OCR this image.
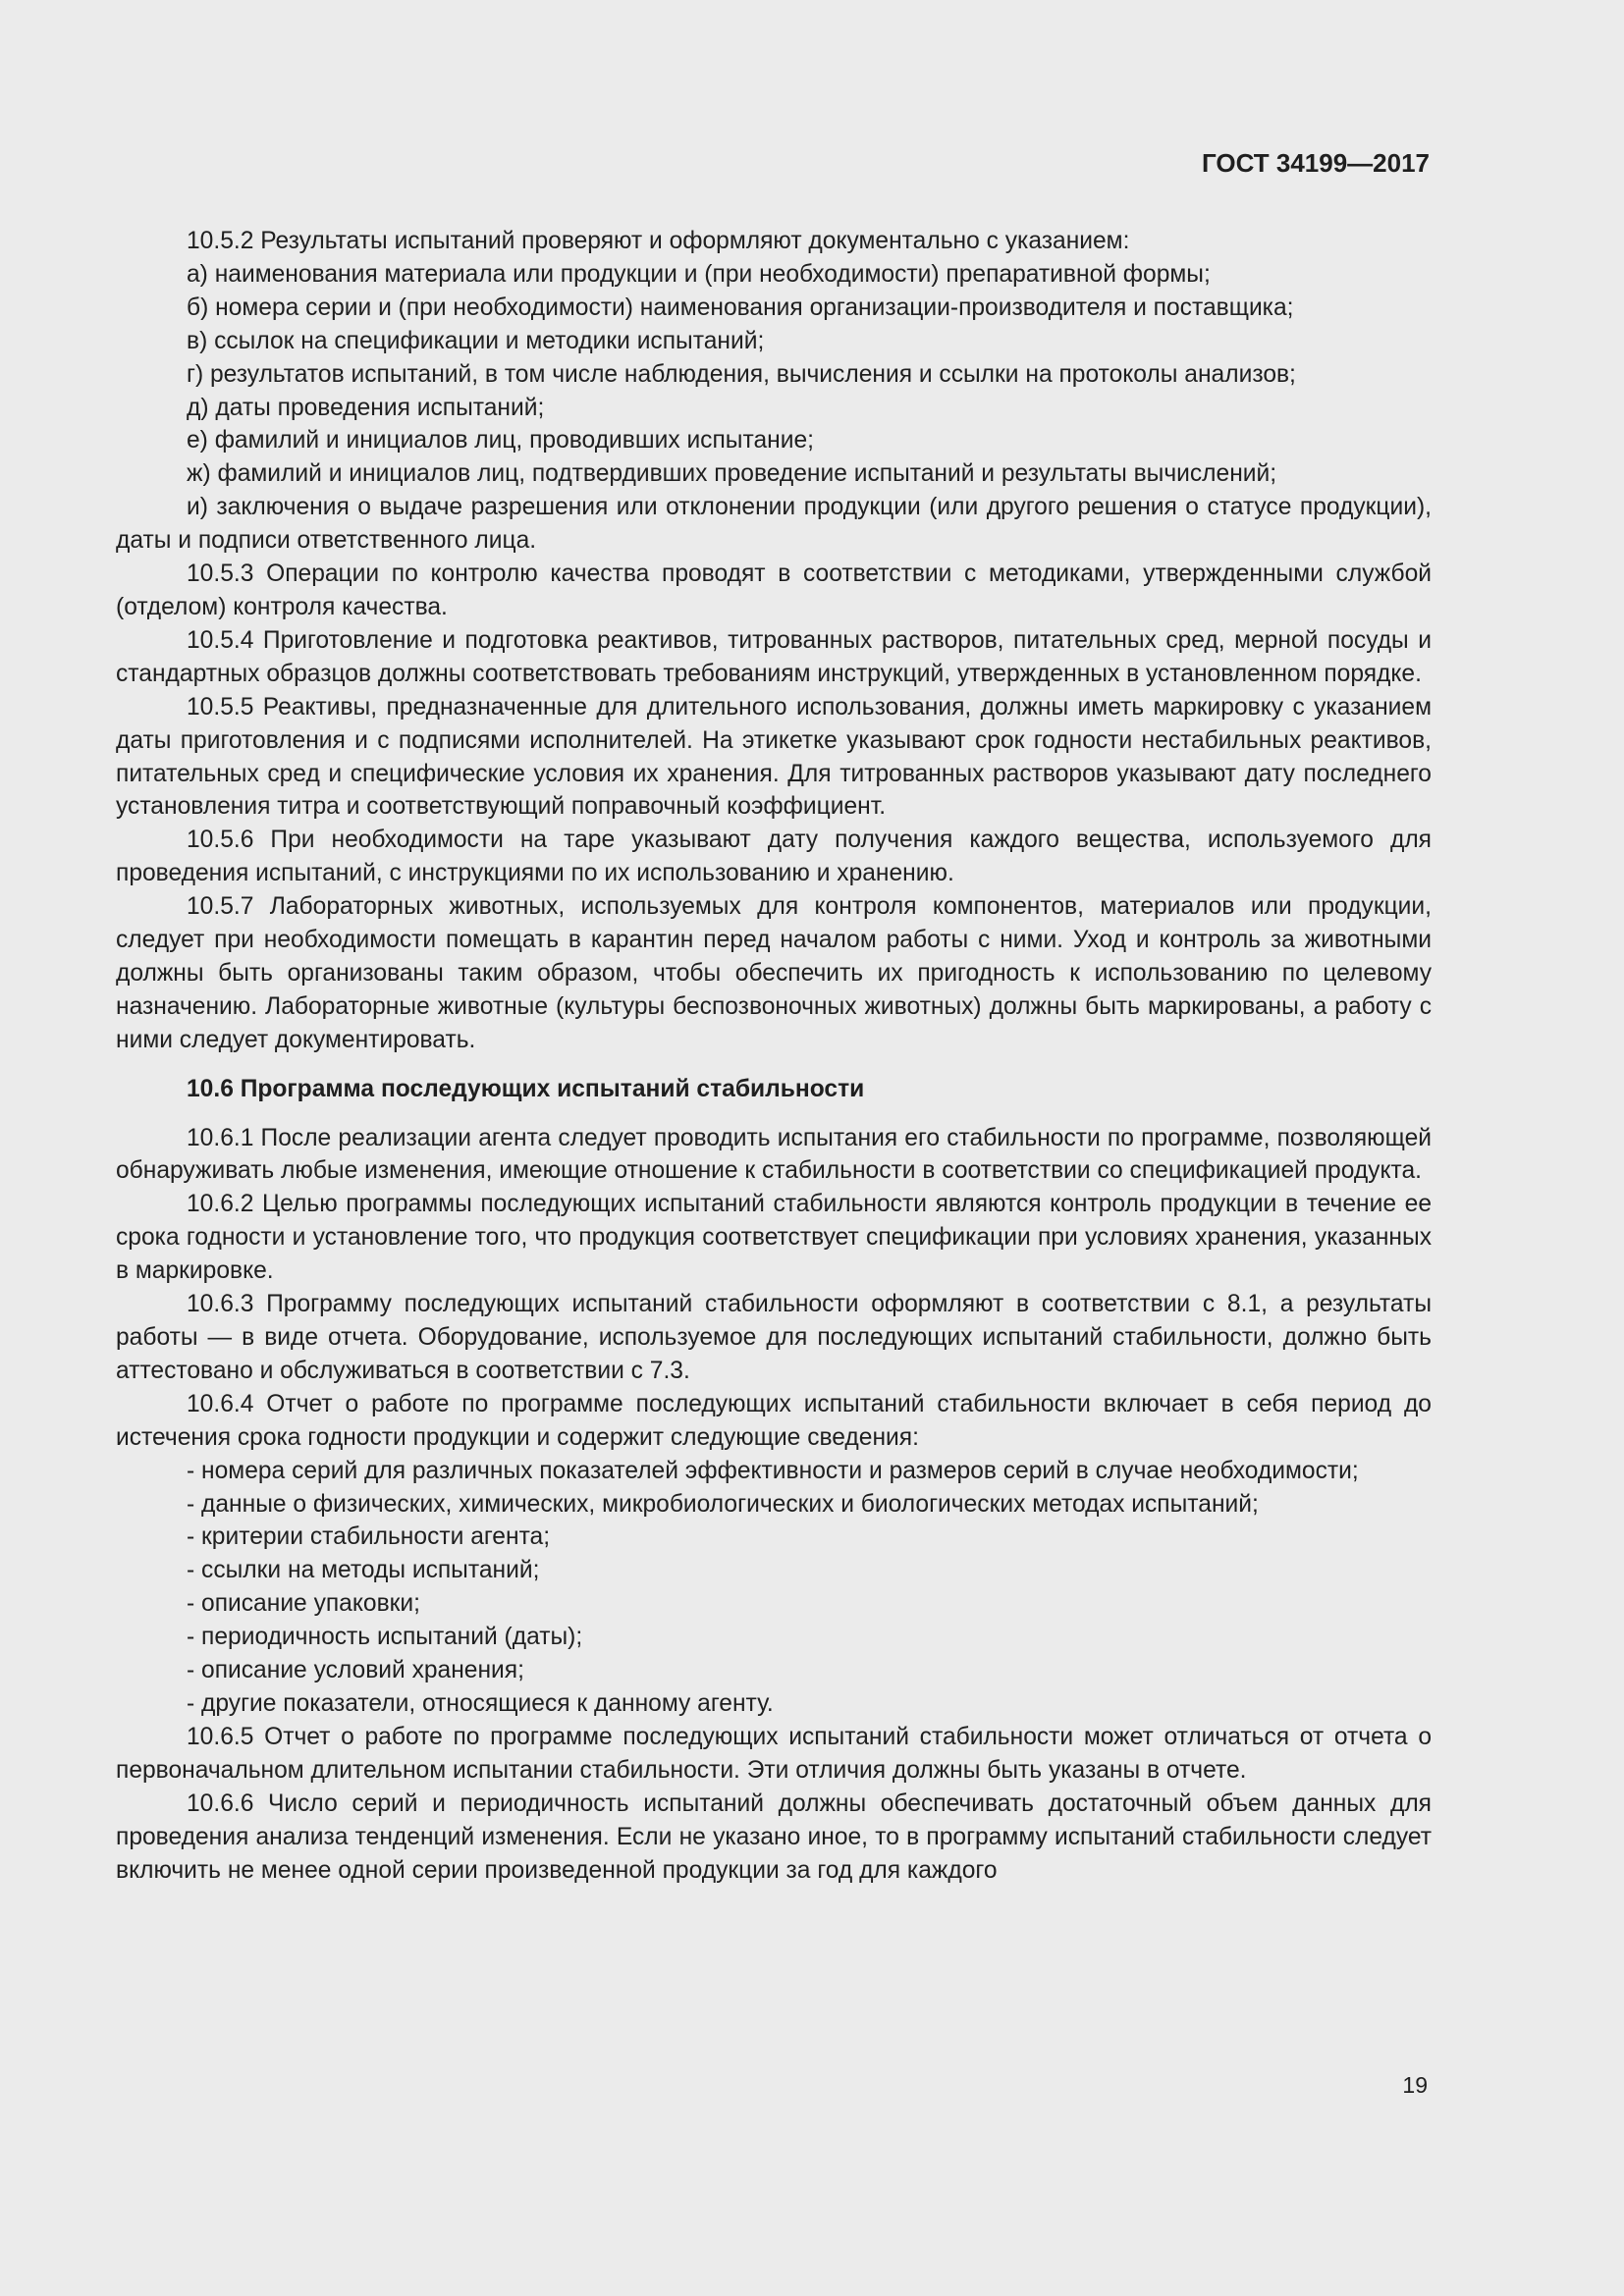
ГОСТ 34199—2017

10.5.2 Результаты испытаний проверяют и оформляют документально с указанием:

а) наименования материала или продукции и (при необходимости) препаративной формы;

б) номера серии и (при необходимости) наименования организации-производителя и поставщика;

в) ссылок на спецификации и методики испытаний;

г) результатов испытаний, в том числе наблюдения, вычисления и ссылки на протоколы анализов;

д) даты проведения испытаний;

е) фамилий и инициалов лиц, проводивших испытание;

ж) фамилий и инициалов лиц, подтвердивших проведение испытаний и результаты вычислений;

и) заключения о выдаче разрешения или отклонении продукции (или другого решения о статусе продукции), даты и подписи ответственного лица.

10.5.3 Операции по контролю качества проводят в соответствии с методиками, утвержденными службой (отделом) контроля качества.

10.5.4 Приготовление и подготовка реактивов, титрованных растворов, питательных сред, мерной посуды и стандартных образцов должны соответствовать требованиям инструкций, утвержденных в установленном порядке.

10.5.5 Реактивы, предназначенные для длительного использования, должны иметь маркировку с указанием даты приготовления и с подписями исполнителей. На этикетке указывают срок годности нестабильных реактивов, питательных сред и специфические условия их хранения. Для титрованных растворов указывают дату последнего установления титра и соответствующий поправочный коэффициент.

10.5.6 При необходимости на таре указывают дату получения каждого вещества, используемого для проведения испытаний, с инструкциями по их использованию и хранению.

10.5.7 Лабораторных животных, используемых для контроля компонентов, материалов или продукции, следует при необходимости помещать в карантин перед началом работы с ними. Уход и контроль за животными должны быть организованы таким образом, чтобы обеспечить их пригодность к использованию по целевому назначению. Лабораторные животные (культуры беспозвоночных животных) должны быть маркированы, а работу с ними следует документировать.

10.6 Программа последующих испытаний стабильности

10.6.1 После реализации агента следует проводить испытания его стабильности по программе, позволяющей обнаруживать любые изменения, имеющие отношение к стабильности в соответствии со спецификацией продукта.

10.6.2 Целью программы последующих испытаний стабильности являются контроль продукции в течение ее срока годности и установление того, что продукция соответствует спецификации при условиях хранения, указанных в маркировке.

10.6.3 Программу последующих испытаний стабильности оформляют в соответствии с 8.1, а результаты работы — в виде отчета. Оборудование, используемое для последующих испытаний стабильности, должно быть аттестовано и обслуживаться в соответствии с 7.3.

10.6.4 Отчет о работе по программе последующих испытаний стабильности включает в себя период до истечения срока годности продукции и содержит следующие сведения:

- номера серий для различных показателей эффективности и размеров серий в случае необходимости;

- данные о физических, химических, микробиологических и биологических методах испытаний;

- критерии стабильности агента;

- ссылки на методы испытаний;

- описание упаковки;

- периодичность испытаний (даты);

- описание условий хранения;

- другие показатели, относящиеся к данному агенту.

10.6.5 Отчет о работе по программе последующих испытаний стабильности может отличаться от отчета о первоначальном длительном испытании стабильности. Эти отличия должны быть указаны в отчете.

10.6.6 Число серий и периодичность испытаний должны обеспечивать достаточный объем данных для проведения анализа тенденций изменения. Если не указано иное, то в программу испытаний стабильности следует включить не менее одной серии произведенной продукции за год для каждого

19
